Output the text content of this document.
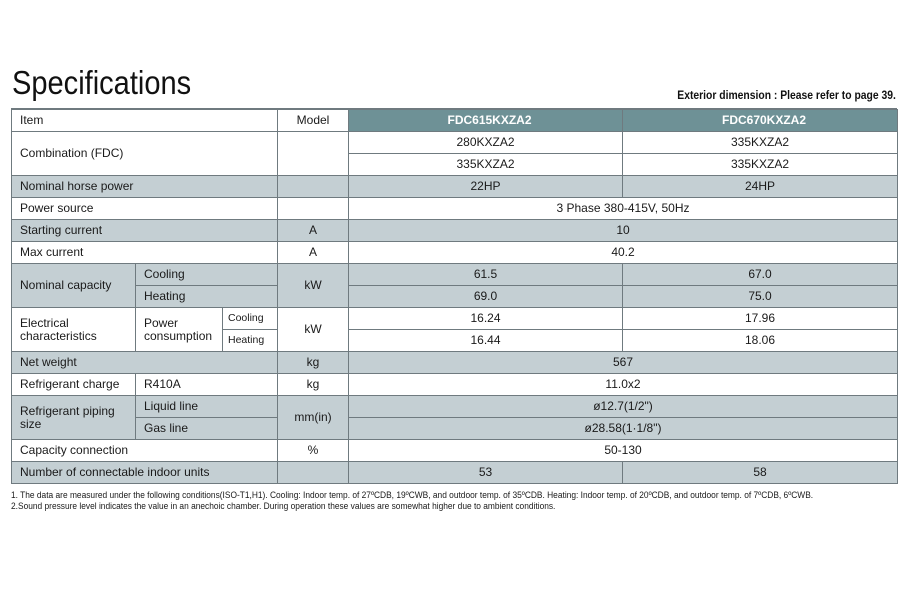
Specifications	Exterior dimension : Please refer to page 39.
Item			Model	FDC615KXZA2	FDC670KXZA2
Combination (FDC)				280KXZA2	335KXZA2
				335KXZA2	335KXZA2
Nominal horse power				22HP	24HP
Power source				3 Phase 380-415V, 50Hz	
Starting current			A	10	
Max current			A	40.2	
Nominal capacity	Cooling		kW	61.5	67.0
	Heating			69.0	75.0
Electrical characteristics	Power consumption	Cooling	kW	16.24	17.96
		Heating		16.44	18.06
Net weight			kg	567	
Refrigerant charge	R410A		kg	11.0x2	
Refrigerant piping size	Liquid line		mm(in)	ø12.7(1/2")	
	Gas line			ø28.58(1·1/8")	
Capacity connection			%	50-130	
Number of connectable indoor units				53	58
1. The data are measured under the following conditions(ISO-T1,H1). Cooling: Indoor temp. of 27ºCDB, 19ºCWB, and outdoor temp. of 35ºCDB. Heating: Indoor temp. of 20ºCDB, and outdoor temp. of 7ºCDB, 6ºCWB.
2.Sound pressure level indicates the value in an anechoic chamber. During operation these values are somewhat higher due to ambient conditions.
